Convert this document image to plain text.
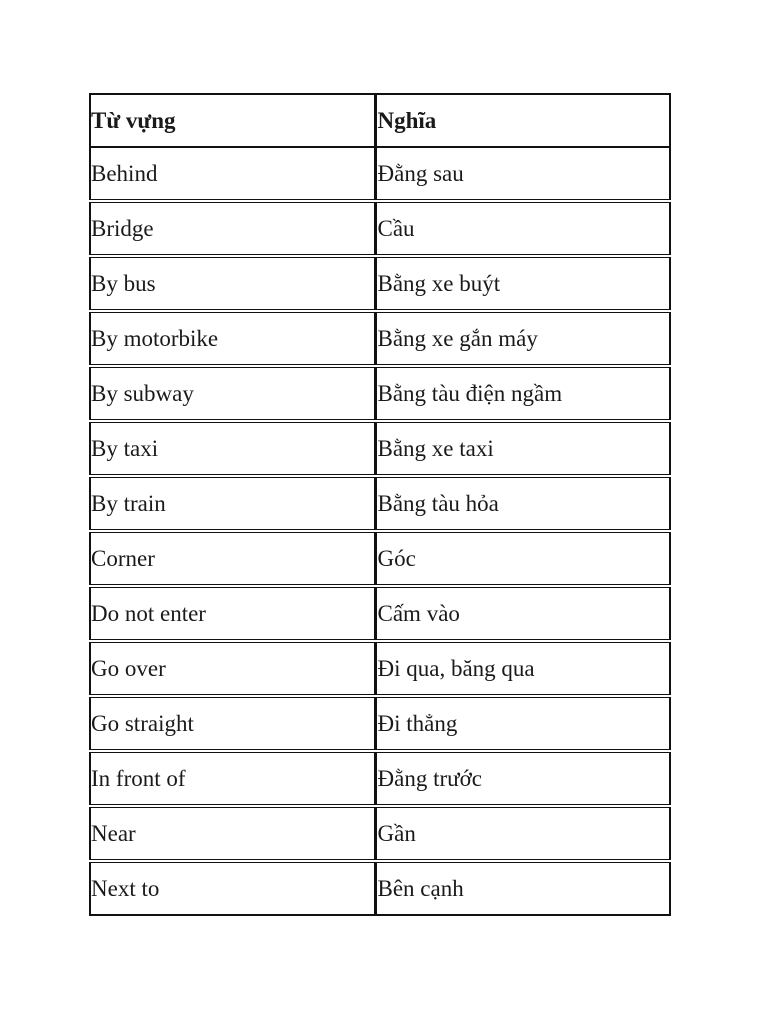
Từ vựng	Nghĩa
Behind	Đằng sau
Bridge	Cầu
By bus	Bằng xe buýt
By motorbike	Bằng xe gắn máy
By subway	Bằng tàu điện ngầm
By taxi	Bằng xe taxi
By train	Bằng tàu hỏa
Corner	Góc
Do not enter	Cấm vào
Go over	Đi qua, băng qua
Go straight	Đi thẳng
In front of	Đằng trước
Near	Gần
Next to	Bên cạnh
